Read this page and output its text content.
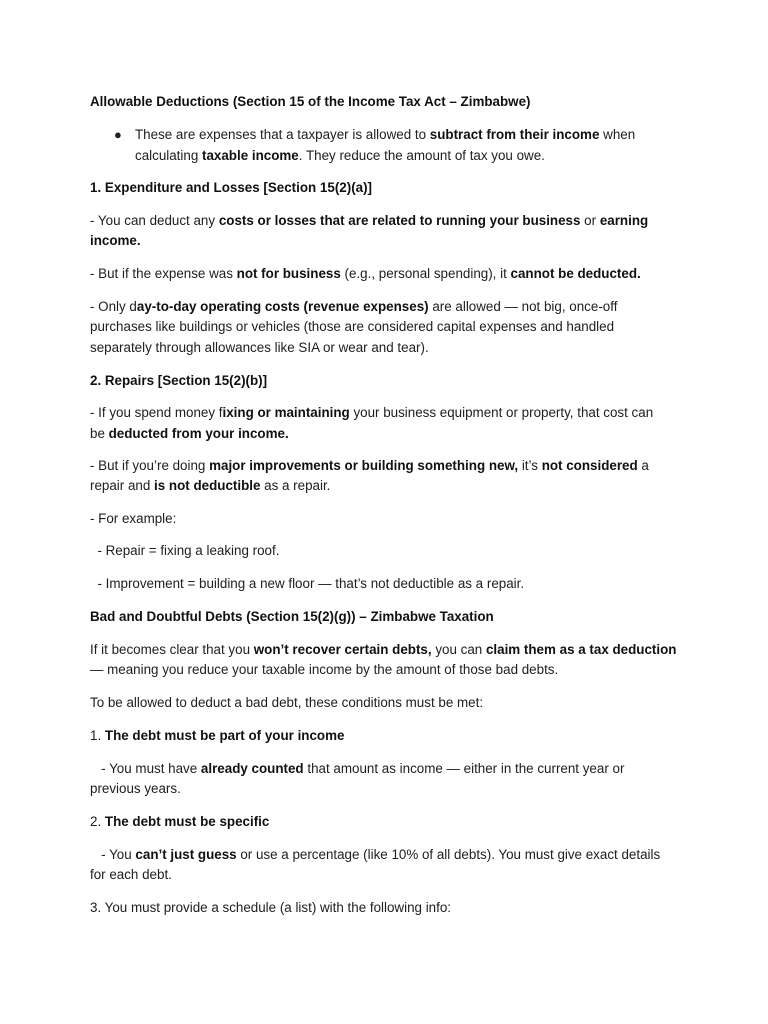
Allowable Deductions (Section 15 of the Income Tax Act – Zimbabwe)
● These are expenses that a taxpayer is allowed to subtract from their income when
calculating taxable income. They reduce the amount of tax you owe.
1. Expenditure and Losses [Section 15(2)(a)]
- You can deduct any costs or losses that are related to running your business or earning
income.
- But if the expense was not for business (e.g., personal spending), it cannot be deducted.
- Only day-to-day operating costs (revenue expenses) are allowed — not big, once-off
purchases like buildings or vehicles (those are considered capital expenses and handled
separately through allowances like SIA or wear and tear).
2. Repairs [Section 15(2)(b)]
- If you spend money fixing or maintaining your business equipment or property, that cost can
be deducted from your income.
- But if you’re doing major improvements or building something new, it’s not considered a
repair and is not deductible as a repair.
- For example:
- Repair = fixing a leaking roof.
- Improvement = building a new floor — that’s not deductible as a repair.
Bad and Doubtful Debts (Section 15(2)(g)) – Zimbabwe Taxation
If it becomes clear that you won’t recover certain debts, you can claim them as a tax deduction
— meaning you reduce your taxable income by the amount of those bad debts.
To be allowed to deduct a bad debt, these conditions must be met:
1. The debt must be part of your income
- You must have already counted that amount as income — either in the current year or
previous years.
2. The debt must be specific
- You can’t just guess or use a percentage (like 10% of all debts). You must give exact details
for each debt.
3. You must provide a schedule (a list) with the following info:
